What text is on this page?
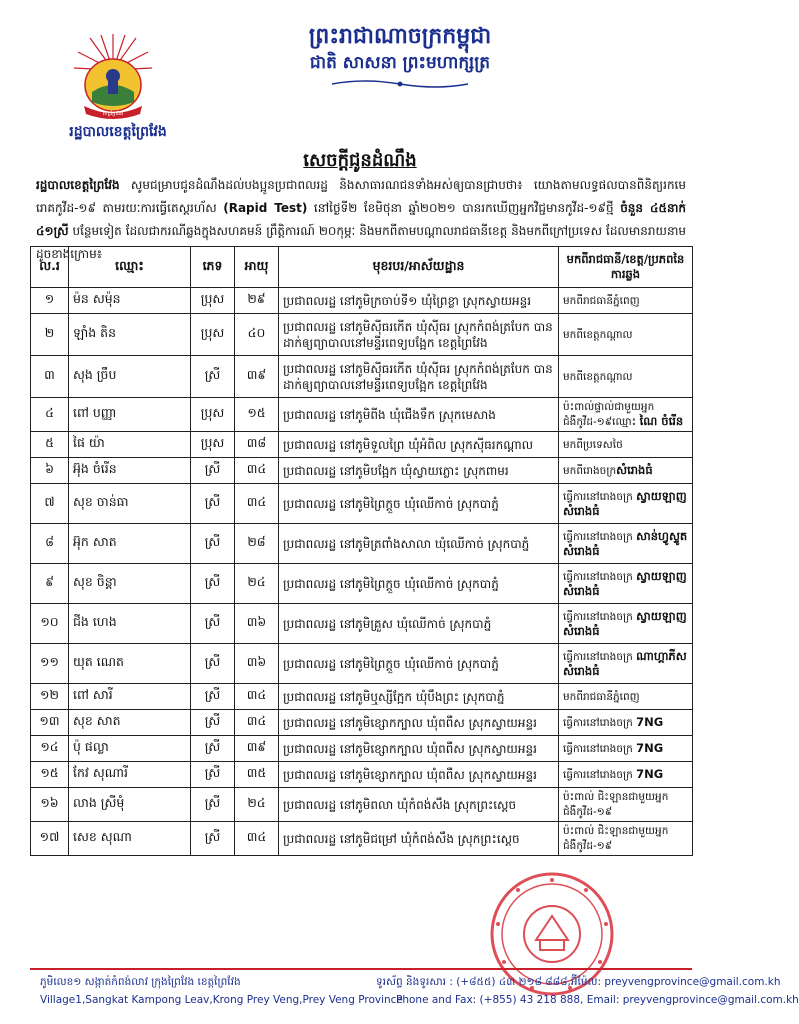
ខេត្តព្រៃវែង
រដ្ឋបាលខេត្តព្រៃវែង
ព្រះរាជាណាចក្រកម្ពុជា
ជាតិ សាសនា ព្រះមហាក្សត្រ
សេចក្ដីជូនដំណឹង
រដ្ឋបាលខេត្តព្រៃវែង សូមជម្រាបជូនដំណឹងដល់បងប្អូនប្រជាពលរដ្ឋ និងសាធារណជនទាំងអស់ឲ្យបានជ្រាបថា៖ យោងតាមលទ្ធផលបានពិនិត្យរកមេរោគកូវីដ-១៩ តាមរយៈការធ្វើតេស្តរហ័ស (Rapid Test) នៅថ្ងៃទី២ ខែមិថុនា ឆ្នាំ២០២១ បានរកឃើញអ្នកវិជ្ជមានកូវីដ-១៩ថ្មី ចំនួន ៤៥នាក់ ៤១ស្រី បន្ថែមទៀត ដែលជាករណីឆ្លងក្នុងសហគមន៍ ព្រឹត្តិការណ៍ ២០កុម្ភៈ និងមកពីតាមបណ្ដាលរាជធានីខេត្ត និងមកពីក្រៅប្រទេស ដែលមានរាយនាមដូចខាងក្រោម៖
ល.រ	ឈ្មោះ	ភេទ	អាយុ	មុខរបរ/អាស័យដ្ឋាន	មកពីរាជធានី/ខេត្ត/ប្រភពនៃការឆ្លង
១	ម៉ន សម៉ុន	ប្រុស	២៩	ប្រជាពលរដ្ឋ នៅភូមិក្រចាប់ទី១ ឃុំព្រៃខ្លា ស្រុកស្វាយអន្ទរ	មកពីរាជធានីភ្នំពេញ
២	ឡាំង តិន	ប្រុស	៤០	ប្រជាពលរដ្ឋ នៅភូមិស៊ីធរកើត ឃុំស៊ីធរ ស្រុកកំពង់ត្របែក បានដាក់ឲ្យព្យាបាលនៅមន្ទីរពេទ្យបង្អែក ខេត្តព្រៃវែង	មកពីខេត្តកណ្ដាល
៣	សុង ច្រឹប	ស្រី	៣៩	ប្រជាពលរដ្ឋ នៅភូមិស៊ីធរកើត ឃុំស៊ីធរ ស្រុកកំពង់ត្របែក បានដាក់ឲ្យព្យាបាលនៅមន្ទីរពេទ្យបង្អែក ខេត្តព្រៃវែង	មកពីខេត្តកណ្ដាល
៤	ពៅ បញ្ញា	ប្រុស	១៥	ប្រជាពលរដ្ឋ នៅភូមិពីង ឃុំជើងទឹក ស្រុកមេសាង	ប៉ះពាល់ផ្ទាល់ជាមួយអ្នកជំងឺកូវីដ-១៩ឈ្មោះ ណៃ ចំរើន
៥	ផៃ យ៉ា	ប្រុស	៣៨	ប្រជាពលរដ្ឋ នៅភូមិទួលព្រៃ ឃុំអំពិល ស្រុកស៊ីធរកណ្ដាល	មកពីប្រទេសថៃ
៦	អ៊ុង ចំរើន	ស្រី	៣៤	ប្រជាពលរដ្ឋ នៅភូមិបង្អែក ឃុំស្វាយភ្លោះ ស្រុកពាមរ	មកពីរោងចក្រសំរោងធំ
៧	សុខ ចាន់ធា	ស្រី	៣៤	ប្រជាពលរដ្ឋ នៅភូមិព្រៃក្ដួច ឃុំឈើកាច់ ស្រុកបាភ្នំ	ធ្វើការនៅរោងចក្រ ស្វាយឡាញ សំរោងធំ
៨	អ៊ុក សាត	ស្រី	២៨	ប្រជាពលរដ្ឋ នៅភូមិត្រពាំងសាលា ឃុំឈើកាច់ ស្រុកបាភ្នំ	ធ្វើការនៅរោងចក្រ សាន់ហ្វូស្ទូត សំរោងធំ
៩	សុខ ចិន្ដា	ស្រី	២៤	ប្រជាពលរដ្ឋ នៅភូមិព្រៃក្ដួច ឃុំឈើកាច់ ស្រុកបាភ្នំ	ធ្វើការនៅរោងចក្រ ស្វាយឡាញ សំរោងធំ
១០	ជីង ហេង	ស្រី	៣៦	ប្រជាពលរដ្ឋ នៅភូមិគ្រួស ឃុំឈើកាច់ ស្រុកបាភ្នំ	ធ្វើការនៅរោងចក្រ ស្វាយឡាញ សំរោងធំ
១១	យុត ណេត	ស្រី	៣៦	ប្រជាពលរដ្ឋ នៅភូមិព្រៃក្ដួច ឃុំឈើកាច់ ស្រុកបាភ្នំ	ធ្វើការនៅរោងចក្រ ណាហ្គាភីស សំរោងធំ
១២	ពៅ សារី	ស្រី	៣៤	ប្រជាពលរដ្ឋ នៅភូមិឬស្សីក្អែក ឃុំបឹងព្រះ ស្រុកបាភ្នំ	មកពីរាជធានីភ្នំពេញ
១៣	សុខ សាត	ស្រី	៣៤	ប្រជាពលរដ្ឋ នៅភូមិខ្សោកក្បាល ឃុំពពឺស ស្រុកស្វាយអន្ទរ	ធ្វើការនៅរោងចក្រ 7NG
១៤	ប៉ុ ផល្លា	ស្រី	៣៩	ប្រជាពលរដ្ឋ នៅភូមិខ្សោកក្បាល ឃុំពពឺស ស្រុកស្វាយអន្ទរ	ធ្វើការនៅរោងចក្រ 7NG
១៥	កែវ សុណារី	ស្រី	៣៥	ប្រជាពលរដ្ឋ នៅភូមិខ្សោកក្បាល ឃុំពពឺស ស្រុកស្វាយអន្ទរ	ធ្វើការនៅរោងចក្រ 7NG
១៦	លាង ស្រីមុំ	ស្រី	២៤	ប្រជាពលរដ្ឋ នៅភូមិពលា ឃុំកំពង់សឹង ស្រុកព្រះស្ដេច	ប៉ះពាល់ ជិះឡានជាមួយអ្នកជំងឺកូវីដ-១៩
១៧	សេខ សុណា	ស្រី	៣៤	ប្រជាពលរដ្ឋ នៅភូមិជម្រៅ ឃុំកំពង់សឹង ស្រុកព្រះស្ដេច	ប៉ះពាល់ ជិះឡានជាមួយអ្នកជំងឺកូវីដ-១៩
ភូមិលេខ១ សង្កាត់កំពង់លាវ ក្រុងព្រៃវែង ខេត្តព្រៃវែង
Village1,Sangkat Kampong Leav,Krong Prey Veng,Prey Veng Province
ទូរស័ព្ទ និងទូរសារ : (+៨៥៥) ៤៣ ២១៨ ៨៨៨,អ៊ីម៉ែល: preyvengprovince@gmail.com.kh
Phone and Fax: (+855) 43 218 888, Email: preyvengprovince@gmail.com.kh
